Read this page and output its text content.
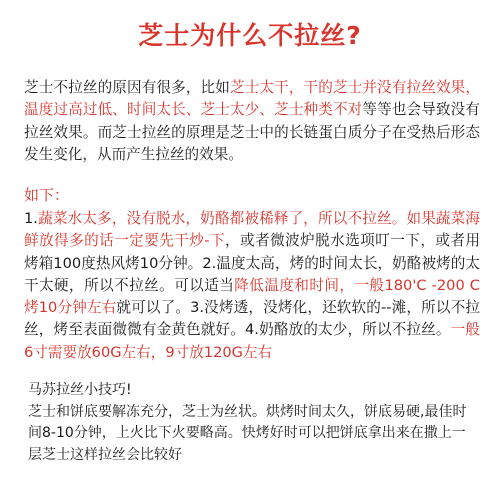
芝士为什么不拉丝?
芝士不拉丝的原因有很多，比如芝士太干，干的芝士并没有拉丝效果，温度过高过低、时间太长、芝士太少、芝士种类不对等等也会导致没有拉丝效果。而芝士拉丝的原理是芝士中的长链蛋白质分子在受热后形态发生变化，从而产生拉丝的效果。
如下：
1.蔬菜水太多，没有脱水，奶酪都被稀释了，所以不拉丝。如果蔬菜海鲜放得多的话一定要先干炒-下，或者微波炉脱水选项叮一下，或者用烤箱100度热风烤10分钟。2.温度太高，烤的时间太长，奶酪被烤的太干太硬，所以不拉丝。可以适当降低温度和时间，一般180'C -200 C烤10分钟左右就可以了。3.没烤透，没烤化，还软软的--滩，所以不拉丝，烤至表面微微有金黄色就好。4.奶酪放的太少，所以不拉丝。一般6寸需要放60G左右，9寸放120G左右
马苏拉丝小技巧!
芝士和饼底要解冻充分，芝士为丝状。烘烤时间太久，饼底易硬,最佳时间8-10分钟，上火比下火要略高。快烤好时可以把饼底拿出来在撒上一层芝士这样拉丝会比较好
